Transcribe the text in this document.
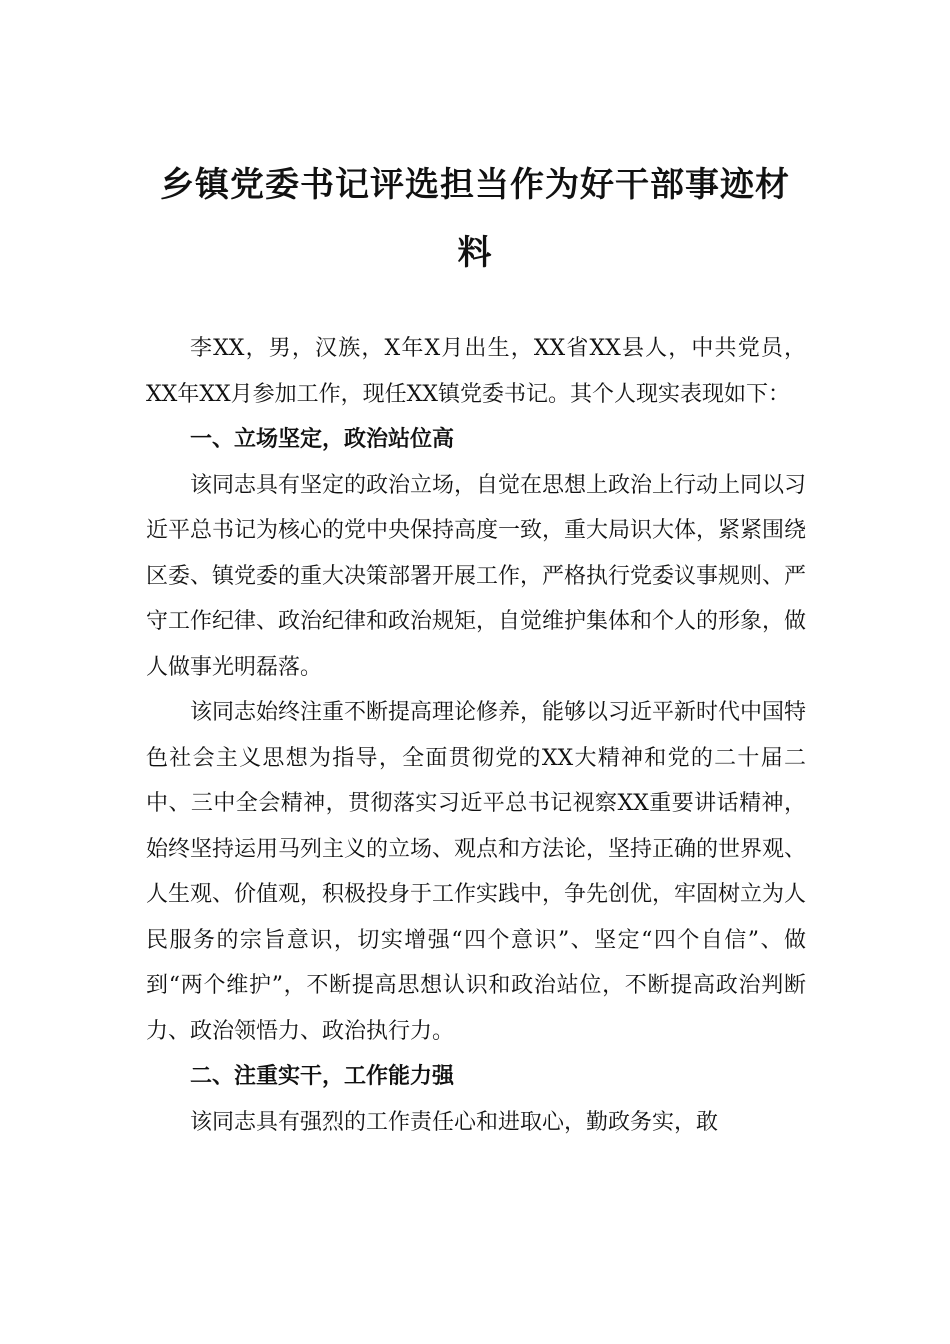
乡镇党委书记评选担当作为好干部事迹材
料

李XX，男，汉族，X年X月出生，XX省XX县人，中共党员，XX年XX月参加工作，现任XX镇党委书记。其个人现实表现如下：

一、立场坚定，政治站位高

该同志具有坚定的政治立场，自觉在思想上政治上行动上同以习近平总书记为核心的党中央保持高度一致，重大局识大体，紧紧围绕区委、镇党委的重大决策部署开展工作，严格执行党委议事规则、严守工作纪律、政治纪律和政治规矩，自觉维护集体和个人的形象，做人做事光明磊落。

该同志始终注重不断提高理论修养，能够以习近平新时代中国特色社会主义思想为指导，全面贯彻党的XX大精神和党的二十届二中、三中全会精神，贯彻落实习近平总书记视察XX重要讲话精神，始终坚持运用马列主义的立场、观点和方法论，坚持正确的世界观、人生观、价值观，积极投身于工作实践中，争先创优，牢固树立为人民服务的宗旨意识，切实增强“四个意识”、坚定“四个自信”、做到“两个维护”，不断提高思想认识和政治站位，不断提高政治判断力、政治领悟力、政治执行力。

二、注重实干，工作能力强

该同志具有强烈的工作责任心和进取心，勤政务实，敢
